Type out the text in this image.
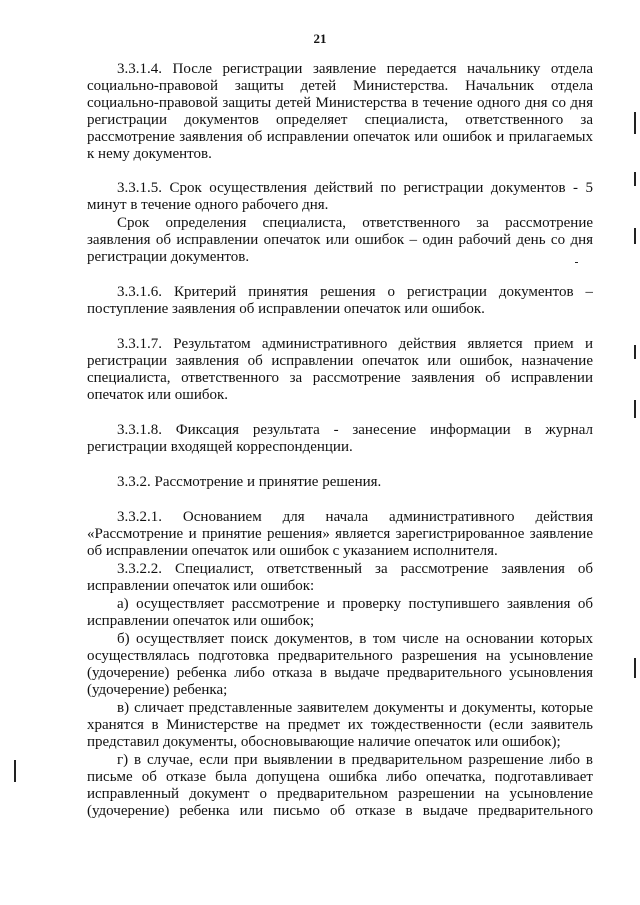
21
3.3.1.4. После регистрации заявление передается начальнику отдела
социально-правовой защиты детей Министерства. Начальник отдела
социально-правовой защиты детей Министерства в течение одного дня со дня
регистрации документов определяет специалиста, ответственного за
рассмотрение заявления об исправлении опечаток или ошибок и прилагаемых
к нему документов.
3.3.1.5. Срок осуществления действий по регистрации документов - 5
минут в течение одного рабочего дня.
Срок определения специалиста, ответственного за рассмотрение
заявления об исправлении опечаток или ошибок – один рабочий день со дня
регистрации документов.
3.3.1.6. Критерий принятия решения о регистрации документов –
поступление заявления об исправлении опечаток или ошибок.
3.3.1.7. Результатом административного действия является прием и
регистрации заявления об исправлении опечаток или ошибок, назначение
специалиста, ответственного за рассмотрение заявления об исправлении
опечаток или ошибок.
3.3.1.8. Фиксация результата - занесение информации в журнал
регистрации входящей корреспонденции.
3.3.2. Рассмотрение и принятие решения.
3.3.2.1. Основанием для начала административного действия
«Рассмотрение и принятие решения» является зарегистрированное заявление
об исправлении опечаток или ошибок с указанием исполнителя.
3.3.2.2. Специалист, ответственный за рассмотрение заявления об
исправлении опечаток или ошибок:
а) осуществляет рассмотрение и проверку поступившего заявления об
исправлении опечаток или ошибок;
б) осуществляет поиск документов, в том числе на основании которых
осуществлялась подготовка предварительного разрешения на усыновление
(удочерение) ребенка либо отказа в выдаче предварительного усыновления
(удочерение) ребенка;
в) сличает представленные заявителем документы и документы, которые
хранятся в Министерстве на предмет их тождественности (если заявитель
представил документы, обосновывающие наличие опечаток или ошибок);
г) в случае, если при выявлении в предварительном разрешение либо в
письме об отказе была допущена ошибка либо опечатка, подготавливает
исправленный документ о предварительном разрешении на усыновление
(удочерение) ребенка или письмо об отказе в выдаче предварительного
